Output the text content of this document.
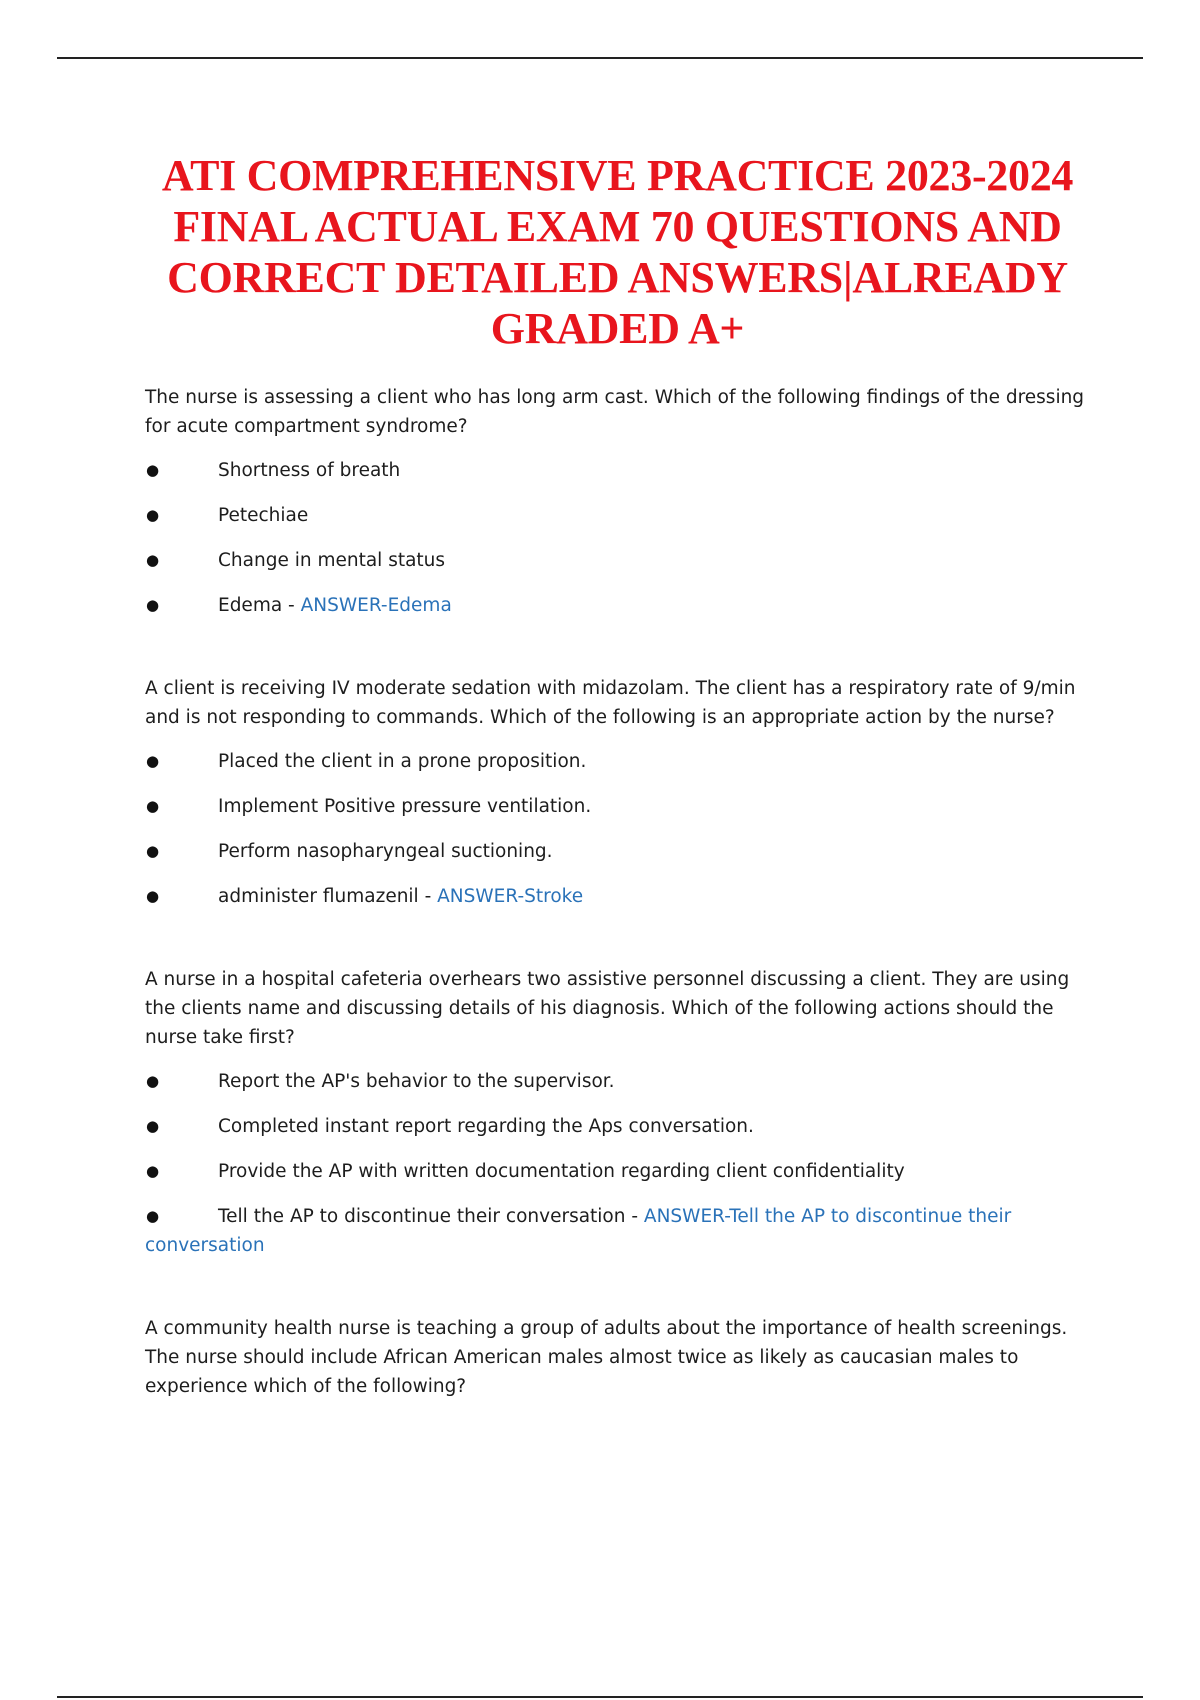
ATI COMPREHENSIVE PRACTICE 2023-2024
FINAL ACTUAL EXAM 70 QUESTIONS AND
CORRECT DETAILED ANSWERS|ALREADY
GRADED A+

The nurse is assessing a client who has long arm cast. Which of the following findings of the dressing for acute compartment syndrome?

●	Shortness of breath
●	Petechiae
●	Change in mental status
●	Edema - ANSWER-Edema

A client is receiving IV moderate sedation with midazolam. The client has a respiratory rate of 9/min and is not responding to commands. Which of the following is an appropriate action by the nurse?

●	Placed the client in a prone proposition.
●	Implement Positive pressure ventilation.
●	Perform nasopharyngeal suctioning.
●	administer flumazenil - ANSWER-Stroke

A nurse in a hospital cafeteria overhears two assistive personnel discussing a client. They are using the clients name and discussing details of his diagnosis. Which of the following actions should the nurse take first?

●	Report the AP's behavior to the supervisor.
●	Completed instant report regarding the Aps conversation.
●	Provide the AP with written documentation regarding client confidentiality
●	Tell the AP to discontinue their conversation - ANSWER-Tell the AP to discontinue their conversation

A community health nurse is teaching a group of adults about the importance of health screenings. The nurse should include African American males almost twice as likely as caucasian males to experience which of the following?
